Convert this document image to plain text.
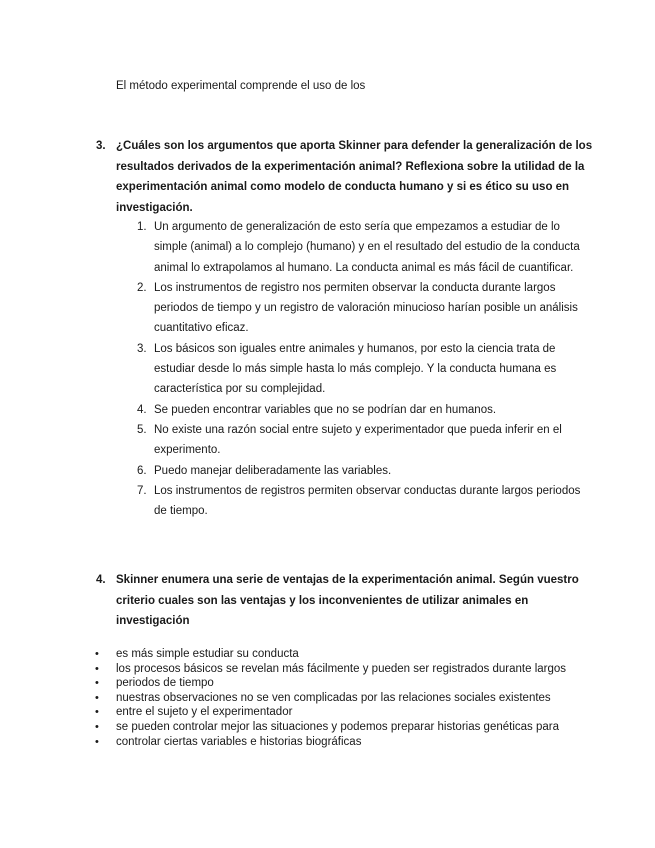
El método experimental comprende el uso de los

3. ¿Cuáles son los argumentos que aporta Skinner para defender la generalización de los resultados derivados de la experimentación animal? Reflexiona sobre la utilidad de la experimentación animal como modelo de conducta humano y si es ético su uso en investigación.
1. Un argumento de generalización de esto sería que empezamos a estudiar de lo simple (animal) a lo complejo (humano) y en el resultado del estudio de la conducta animal lo extrapolamos al humano. La conducta animal es más fácil de cuantificar.
2. Los instrumentos de registro nos permiten observar la conducta durante largos periodos de tiempo y un registro de valoración minucioso harían posible un análisis cuantitativo eficaz.
3. Los básicos son iguales entre animales y humanos, por esto la ciencia trata de estudiar desde lo más simple hasta lo más complejo. Y la conducta humana es característica por su complejidad.
4. Se pueden encontrar variables que no se podrían dar en humanos.
5. No existe una razón social entre sujeto y experimentador que pueda inferir en el experimento.
6. Puedo manejar deliberadamente las variables.
7. Los instrumentos de registros permiten observar conductas durante largos periodos de tiempo.
4. Skinner enumera una serie de ventajas de la experimentación animal. Según vuestro criterio cuales son las ventajas y los inconvenientes de utilizar animales en investigación
• es más simple estudiar su conducta
• los procesos básicos se revelan más fácilmente y pueden ser registrados durante largos
• periodos de tiempo
• nuestras observaciones no se ven complicadas por las relaciones sociales existentes
• entre el sujeto y el experimentador
• se pueden controlar mejor las situaciones y podemos preparar historias genéticas para
• controlar ciertas variables e historias biográficas
